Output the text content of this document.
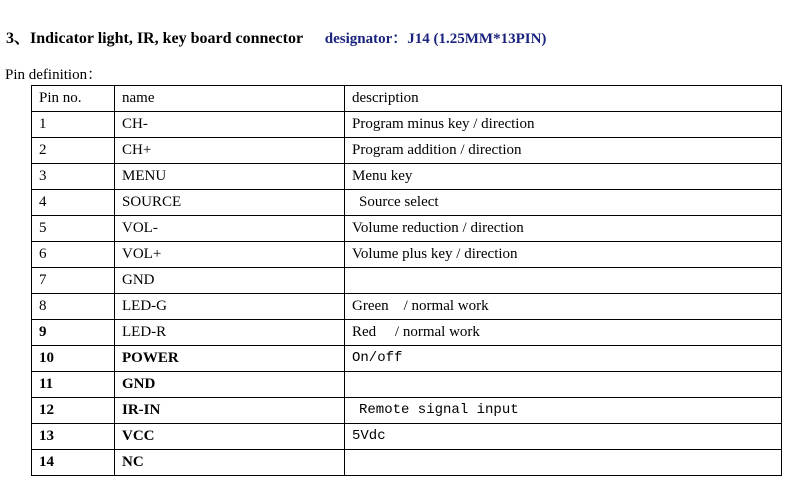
3、Indicator light, IR, key board connector designator：J14 (1.25MM*13PIN)
Pin definition：
Pin no.	name	description
1	CH-	Program minus key / direction
2	CH+	Program addition / direction
3	MENU	Menu key
4	SOURCE	Source select
5	VOL-	Volume reduction / direction
6	VOL+	Volume plus key / direction
7	GND	
8	LED-G	Green    / normal work
9	LED-R	Red     / normal work
10	POWER	On/off
11	GND	
12	IR-IN	Remote signal input
13	VCC	5Vdc
14	NC	
